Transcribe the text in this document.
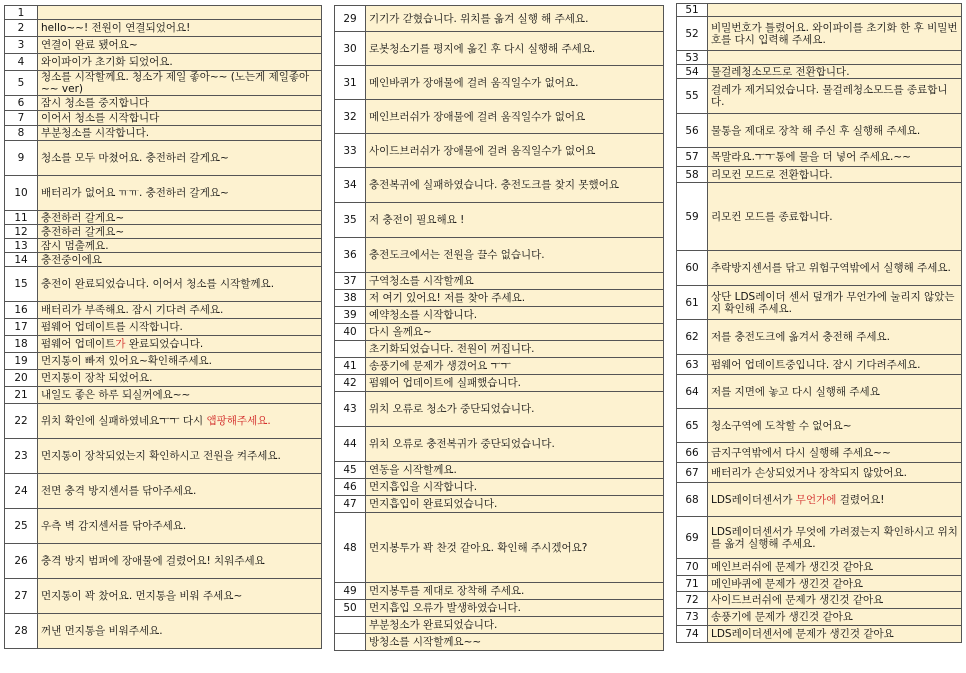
1	
2	hello~~! 전원이 연결되었어요!
3	연결이 완료 됐어요~
4	와이파이가 초기화 되었어요.
5	청소를 시작할께요. 청소가 제일 좋아~~ (노는게 제일좋아~~ ver)
6	잠시 청소를 중지합니다
7	이어서 청소를 시작합니다
8	부분청소를 시작합니다.
9	청소를 모두 마쳤어요. 충전하러 갈게요~
10	배터리가 없어요 ㅠㅠ. 충전하러 갈게요~
11	충전하러 갈게요~
12	충전하러 갈게요~
13	잠시 멈출께요.
14	충전중이에요
15	충전이 완료되었습니다. 이어서 청소를 시작할께요.
16	배터리가 부족해요. 잠시 기다려 주세요.
17	펌웨어 업데이트를 시작합니다.
18	펌웨어 업데이트가 완료되었습니다.
19	먼지통이 빠져 있어요~확인해주세요.
20	먼지통이 장착 되었어요.
21	내일도 좋은 하루 되실꺼에요~~
22	위치 확인에 실패하였네요ㅜㅜ 다시 앱팡해주세요.
23	먼지통이 장착되었는지 확인하시고 전원을 켜주세요.
24	전면 충격 방지센서를 닦아주세요.
25	우측 벽 감지센서를 닦아주세요.
26	충격 방지 범퍼에 장애물에 걸렸어요! 치워주세요
27	먼지통이 꽉 찼어요. 먼지통을 비워 주세요~
28	꺼낸 먼지통을 비워주세요.
29	기기가 갇혔습니다. 위치를 옮겨 실행 해 주세요.
30	로봇청소기를 평지에 옮긴 후 다시 실행해 주세요.
31	메인바퀴가 장애물에 걸려 움직일수가 없어요.
32	메인브러쉬가 장애물에 걸려 움직일수가 없어요
33	사이드브러쉬가 장애물에 걸려 움직일수가 없어요
34	충전복귀에 실패하였습니다. 충전도크를 찾지 못했어요
35	저 충전이 필요해요 !
36	충전도크에서는 전원을 끌수 없습니다.
37	구역청소를 시작할께요
38	저 여기 있어요! 저를 찾아 주세요.
39	예약청소를 시작합니다.
40	다시 올께요~
	초기화되었습니다. 전원이 꺼집니다.
41	송풍기에 문제가 생겼어요 ㅜㅜ
42	펌웨어 업데이트에 실패했습니다.
43	위치 오류로 청소가 중단되었습니다.
44	위치 오류로 충전복귀가 중단되었습니다.
45	연동을 시작할께요.
46	먼지흡입을 시작합니다.
47	먼지흡입이 완료되었습니다.
48	먼지봉투가 꽉 찬것 같아요. 확인해 주시겠어요?
49	먼지봉투를 제대로 장착해 주세요.
50	먼지흡입 오류가 발생하였습니다.
	부분청소가 완료되었습니다.
	방청소를 시작할께요~~
51	
52	비밀번호가 틀렸어요. 와이파이를 초기화 한 후 비밀번호를 다시 입력해 주세요.
53	
54	물걸레청소모드로 전환합니다.
55	걸레가 제거되었습니다. 물걸레청소모드를 종료합니다.
56	물통을 제대로 장착 해 주신 후 실행해 주세요.
57	목말라요.ㅜㅜ통에 물을 더 넣어 주세요.~~
58	리모컨 모드로 전환합니다.
59	리모컨 모드를 종료합니다.
60	추락방지센서를 닦고 위험구역밖에서 실행해 주세요.
61	상단 LDS레이더 센서 덮개가 무언가에 눌리지 않았는지 확인해 주세요.
62	저를 충전도크에 옮겨서 충전해 주세요.
63	펌웨어 업데이트중입니다. 잠시 기다려주세요.
64	저를 지면에 놓고 다시 실행해 주세요
65	청소구역에 도착할 수 없어요~
66	금지구역밖에서 다시 실행해 주세요~~
67	배터리가 손상되었거나 장착되지 않았어요.
68	LDS레이더센서가 무언가에 걸렸어요!
69	LDS레이더센서가 무엇에 가려졌는지 확인하시고 위치를 옮겨 실행해 주세요.
70	메인브러쉬에 문제가 생긴것 같아요
71	메인바퀴에 문제가 생긴것 같아요
72	사이드브러쉬에 문제가 생긴것 같아요
73	송풍기에 문제가 생긴것 같아요
74	LDS레이더센서에 문제가 생긴것 같아요
